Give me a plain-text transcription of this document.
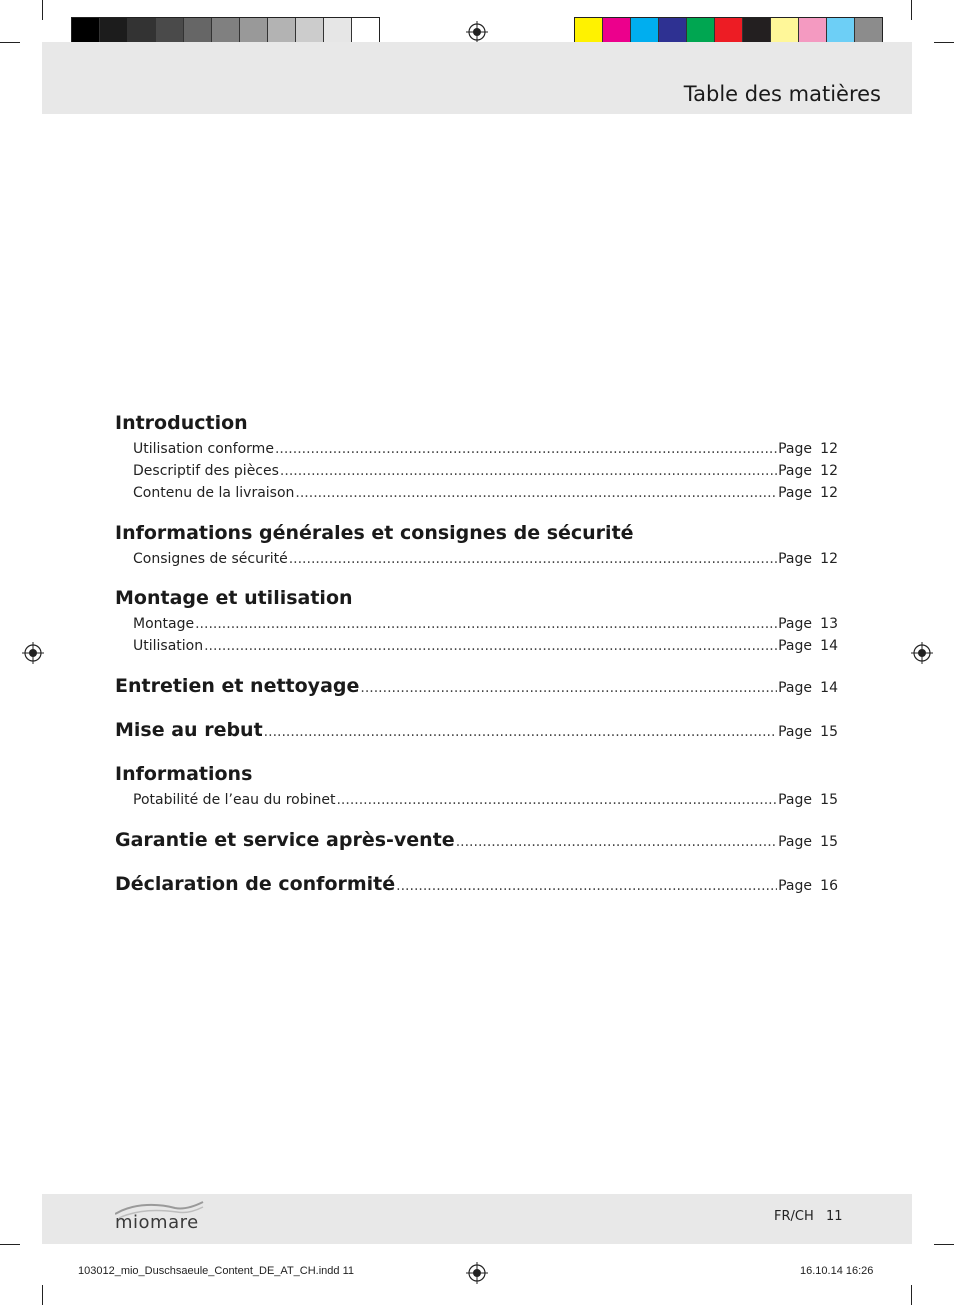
Table des matières
Introduction
Utilisation conforme .....	Page 12
Descriptif des pièces .....	Page 12
Contenu de la livraison .....	Page 12
Informations générales et consignes de sécurité
Consignes de sécurité .....	Page 12
Montage et utilisation
Montage .....	Page 13
Utilisation .....	Page 14
Entretien et nettoyage .....	Page 14
Mise au rebut .....	Page 15
Informations
Potabilité de l’eau du robinet .....	Page 15
Garantie et service après-vente .....	Page 15
Déclaration de conformité .....	Page 16
miomare	FR/CH 11
103012_mio_Duschsaeule_Content_DE_AT_CH.indd 11	16.10.14 16:26
